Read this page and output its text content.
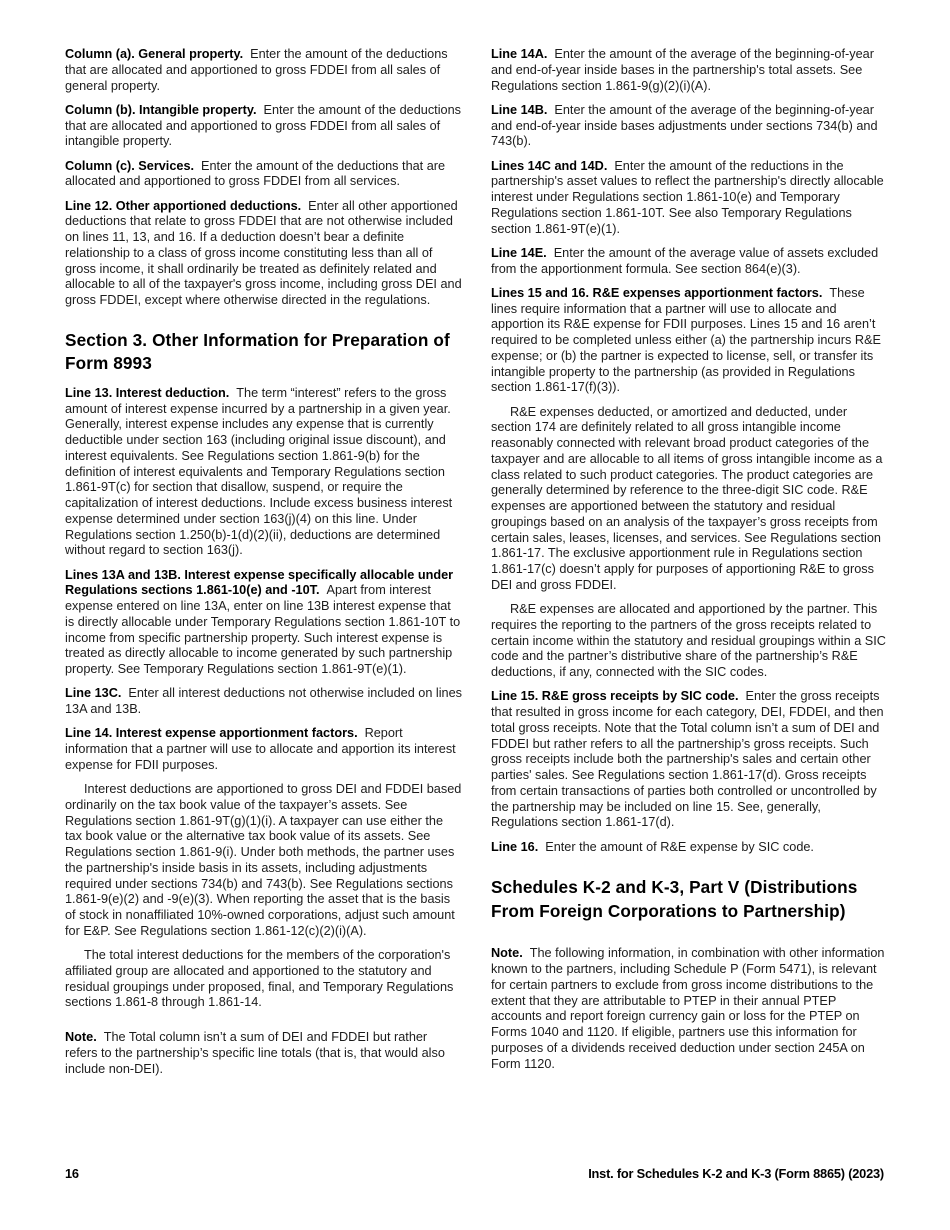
Column (a). General property. Enter the amount of the deductions that are allocated and apportioned to gross FDDEI from all sales of general property.

Column (b). Intangible property. Enter the amount of the deductions that are allocated and apportioned to gross FDDEI from all sales of intangible property.

Column (c). Services. Enter the amount of the deductions that are allocated and apportioned to gross FDDEI from all services.

Line 12. Other apportioned deductions. Enter all other apportioned deductions that relate to gross FDDEI that are not otherwise included on lines 11, 13, and 16. If a deduction doesn’t bear a definite relationship to a class of gross income constituting less than all of gross income, it shall ordinarily be treated as definitely related and allocable to all of the taxpayer's gross income, including gross DEI and gross FDDEI, except where otherwise directed in the regulations.

Section 3. Other Information for Preparation of Form 8993

Line 13. Interest deduction. The term “interest” refers to the gross amount of interest expense incurred by a partnership in a given year. Generally, interest expense includes any expense that is currently deductible under section 163 (including original issue discount), and interest equivalents. See Regulations section 1.861-9(b) for the definition of interest equivalents and Temporary Regulations section 1.861-9T(c) for section that disallow, suspend, or require the capitalization of interest deductions. Include excess business interest expense determined under section 163(j)(4) on this line. Under Regulations section 1.250(b)-1(d)(2)(ii), deductions are determined without regard to section 163(j).

Lines 13A and 13B. Interest expense specifically allocable under Regulations sections 1.861-10(e) and -10T. Apart from interest expense entered on line 13A, enter on line 13B interest expense that is directly allocable under Temporary Regulations section 1.861-10T to income from specific partnership property. Such interest expense is treated as directly allocable to income generated by such partnership property. See Temporary Regulations section 1.861-9T(e)(1).

Line 13C. Enter all interest deductions not otherwise included on lines 13A and 13B.

Line 14. Interest expense apportionment factors. Report information that a partner will use to allocate and apportion its interest expense for FDII purposes.

Interest deductions are apportioned to gross DEI and FDDEI based ordinarily on the tax book value of the taxpayer’s assets. See Regulations section 1.861-9T(g)(1)(i). A taxpayer can use either the tax book value or the alternative tax book value of its assets. See Regulations section 1.861-9(i). Under both methods, the partner uses the partnership's inside basis in its assets, including adjustments required under sections 734(b) and 743(b). See Regulations sections 1.861-9(e)(2) and -9(e)(3). When reporting the asset that is the basis of stock in nonaffiliated 10%-owned corporations, adjust such amount for E&P. See Regulations section 1.861-12(c)(2)(i)(A).

The total interest deductions for the members of the corporation's affiliated group are allocated and apportioned to the statutory and residual groupings under proposed, final, and Temporary Regulations sections 1.861-8 through 1.861-14.

Note. The Total column isn’t a sum of DEI and FDDEI but rather refers to the partnership’s specific line totals (that is, that would also include non-DEI).

Line 14A. Enter the amount of the average of the beginning-of-year and end-of-year inside bases in the partnership's total assets. See Regulations section 1.861-9(g)(2)(i)(A).

Line 14B. Enter the amount of the average of the beginning-of-year and end-of-year inside bases adjustments under sections 734(b) and 743(b).

Lines 14C and 14D. Enter the amount of the reductions in the partnership's asset values to reflect the partnership's directly allocable interest under Regulations section 1.861-10(e) and Temporary Regulations section 1.861-10T. See also Temporary Regulations section 1.861-9T(e)(1).

Line 14E. Enter the amount of the average value of assets excluded from the apportionment formula. See section 864(e)(3).

Lines 15 and 16. R&E expenses apportionment factors. These lines require information that a partner will use to allocate and apportion its R&E expense for FDII purposes. Lines 15 and 16 aren’t required to be completed unless either (a) the partnership incurs R&E expense; or (b) the partner is expected to license, sell, or transfer its intangible property to the partnership (as provided in Regulations section 1.861-17(f)(3)).

R&E expenses deducted, or amortized and deducted, under section 174 are definitely related to all gross intangible income reasonably connected with relevant broad product categories of the taxpayer and are allocable to all items of gross intangible income as a class related to such product categories. The product categories are generally determined by reference to the three-digit SIC code. R&E expenses are apportioned between the statutory and residual groupings based on an analysis of the taxpayer’s gross receipts from certain sales, leases, licenses, and services. See Regulations section 1.861-17. The exclusive apportionment rule in Regulations section 1.861-17(c) doesn’t apply for purposes of apportioning R&E to gross DEI and gross FDDEI.

R&E expenses are allocated and apportioned by the partner. This requires the reporting to the partners of the gross receipts related to certain income within the statutory and residual groupings within a SIC code and the partner’s distributive share of the partnership’s R&E deductions, if any, connected with the SIC codes.

Line 15. R&E gross receipts by SIC code. Enter the gross receipts that resulted in gross income for each category, DEI, FDDEI, and then total gross receipts. Note that the Total column isn’t a sum of DEI and FDDEI but rather refers to all the partnership’s gross receipts. Such gross receipts include both the partnership's sales and certain other parties' sales. See Regulations section 1.861-17(d). Gross receipts from certain transactions of parties both controlled or uncontrolled by the partnership may be included on line 15. See, generally, Regulations section 1.861-17(d).

Line 16. Enter the amount of R&E expense by SIC code.

Schedules K-2 and K-3, Part V (Distributions From Foreign Corporations to Partnership)

Note. The following information, in combination with other information known to the partners, including Schedule P (Form 5471), is relevant for certain partners to exclude from gross income distributions to the extent that they are attributable to PTEP in their annual PTEP accounts and report foreign currency gain or loss for the PTEP on Forms 1040 and 1120. If eligible, partners use this information for purposes of a dividends received deduction under section 245A on Form 1120.

16	Inst. for Schedules K-2 and K-3 (Form 8865) (2023)
